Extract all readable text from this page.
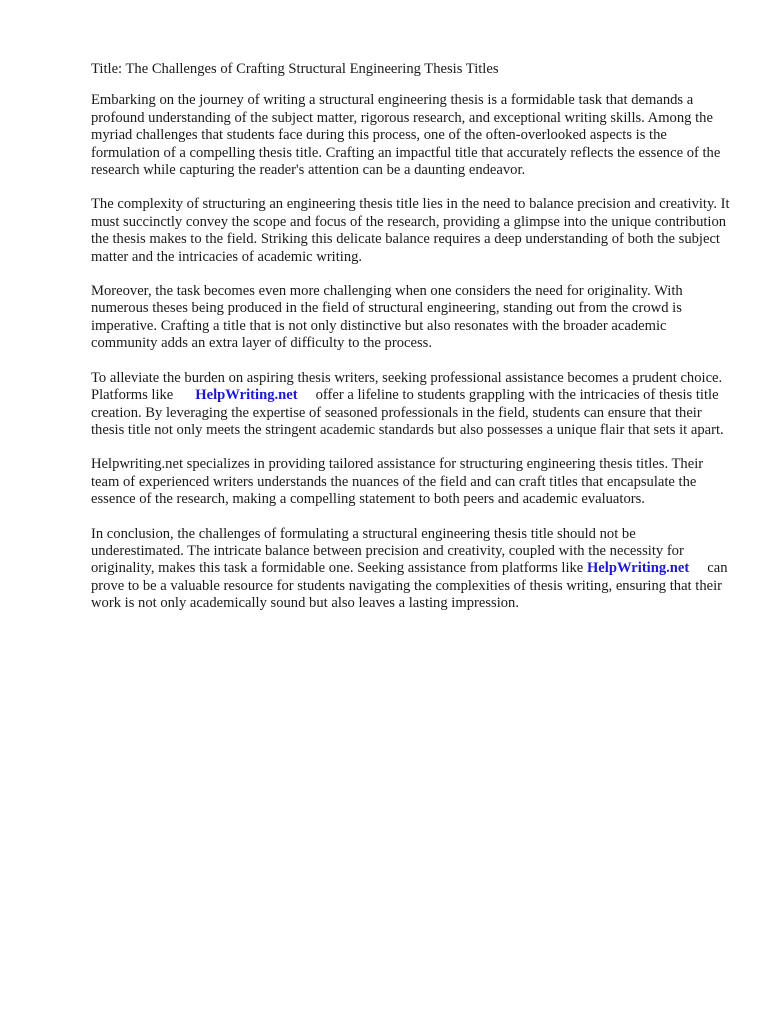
Title: The Challenges of Crafting Structural Engineering Thesis Titles

Embarking on the journey of writing a structural engineering thesis is a formidable task that demands a profound understanding of the subject matter, rigorous research, and exceptional writing skills. Among the myriad challenges that students face during this process, one of the often-overlooked aspects is the formulation of a compelling thesis title. Crafting an impactful title that accurately reflects the essence of the research while capturing the reader's attention can be a daunting endeavor.

The complexity of structuring an engineering thesis title lies in the need to balance precision and creativity. It must succinctly convey the scope and focus of the research, providing a glimpse into the unique contribution the thesis makes to the field. Striking this delicate balance requires a deep understanding of both the subject matter and the intricacies of academic writing.

Moreover, the task becomes even more challenging when one considers the need for originality. With numerous theses being produced in the field of structural engineering, standing out from the crowd is imperative. Crafting a title that is not only distinctive but also resonates with the broader academic community adds an extra layer of difficulty to the process.

To alleviate the burden on aspiring thesis writers, seeking professional assistance becomes a prudent choice. Platforms like HelpWriting.net offer a lifeline to students grappling with the intricacies of thesis title creation. By leveraging the expertise of seasoned professionals in the field, students can ensure that their thesis title not only meets the stringent academic standards but also possesses a unique flair that sets it apart.

Helpwriting.net specializes in providing tailored assistance for structuring engineering thesis titles. Their team of experienced writers understands the nuances of the field and can craft titles that encapsulate the essence of the research, making a compelling statement to both peers and academic evaluators.

In conclusion, the challenges of formulating a structural engineering thesis title should not be underestimated. The intricate balance between precision and creativity, coupled with the necessity for originality, makes this task a formidable one. Seeking assistance from platforms like HelpWriting.net can prove to be a valuable resource for students navigating the complexities of thesis writing, ensuring that their work is not only academically sound but also leaves a lasting impression.
